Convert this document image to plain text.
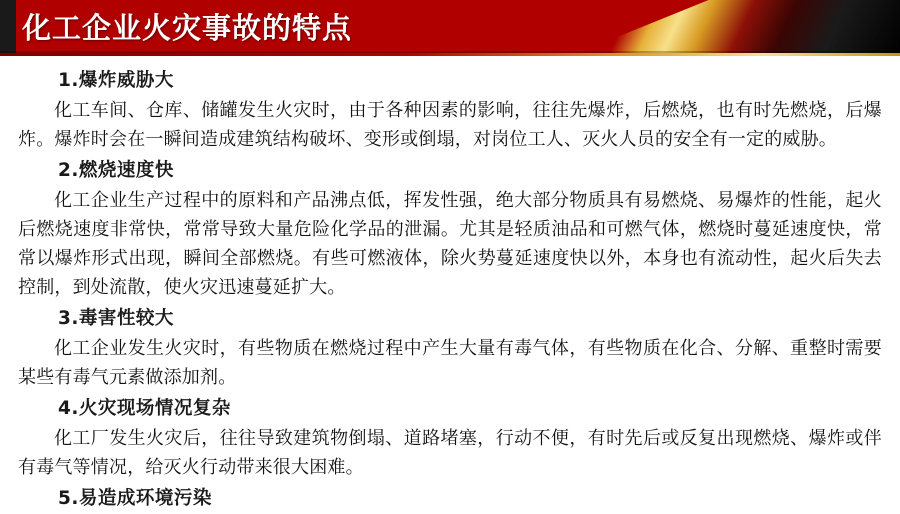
化工企业火灾事故的特点
1.爆炸威胁大

化工车间、仓库、储罐发生火灾时，由于各种因素的影响，往往先爆炸，后燃烧，也有时先燃烧，后爆炸。爆炸时会在一瞬间造成建筑结构破坏、变形或倒塌，对岗位工人、灭火人员的安全有一定的威胁。

2.燃烧速度快

化工企业生产过程中的原料和产品沸点低，挥发性强，绝大部分物质具有易燃烧、易爆炸的性能，起火后燃烧速度非常快，常常导致大量危险化学品的泄漏。尤其是轻质油品和可燃气体，燃烧时蔓延速度快，常常以爆炸形式出现，瞬间全部燃烧。有些可燃液体，除火势蔓延速度快以外，本身也有流动性，起火后失去控制，到处流散，使火灾迅速蔓延扩大。

3.毒害性较大

化工企业发生火灾时，有些物质在燃烧过程中产生大量有毒气体，有些物质在化合、分解、重整时需要某些有毒气元素做添加剂。

4.火灾现场情况复杂

化工厂发生火灾后，往往导致建筑物倒塌、道路堵塞，行动不便，有时先后或反复出现燃烧、爆炸或伴有毒气等情况，给灭火行动带来很大困难。

5.易造成环境污染
